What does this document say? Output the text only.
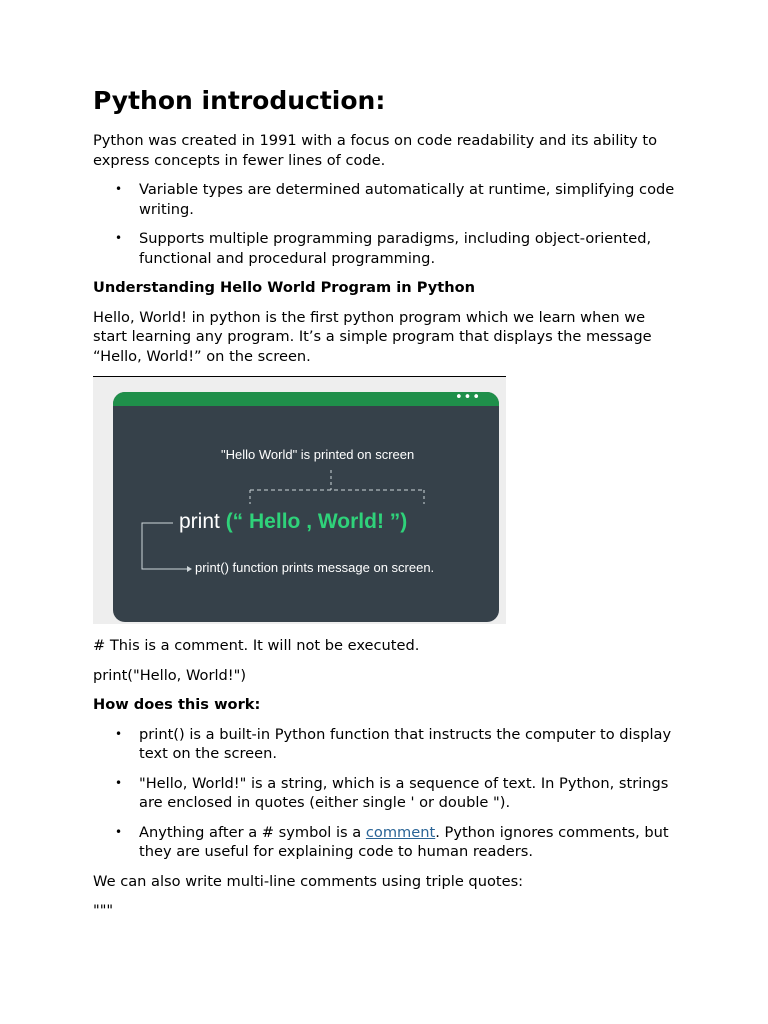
Python introduction:

Python was created in 1991 with a focus on code readability and its ability to express concepts in fewer lines of code.

• Variable types are determined automatically at runtime, simplifying code writing.
• Supports multiple programming paradigms, including object-oriented, functional and procedural programming.

Understanding Hello World Program in Python

Hello, World! in python is the first python program which we learn when we start learning any program. It’s a simple program that displays the message “Hello, World!” on the screen.

•••
"Hello World" is printed on screen
print (“ Hello , World! ”)
print() function prints message on screen.

# This is a comment. It will not be executed.

print("Hello, World!")

How does this work:

• print() is a built-in Python function that instructs the computer to display text on the screen.
• "Hello, World!" is a string, which is a sequence of text. In Python, strings are enclosed in quotes (either single ' or double ").
• Anything after a # symbol is a comment. Python ignores comments, but they are useful for explaining code to human readers.

We can also write multi-line comments using triple quotes:

"""
